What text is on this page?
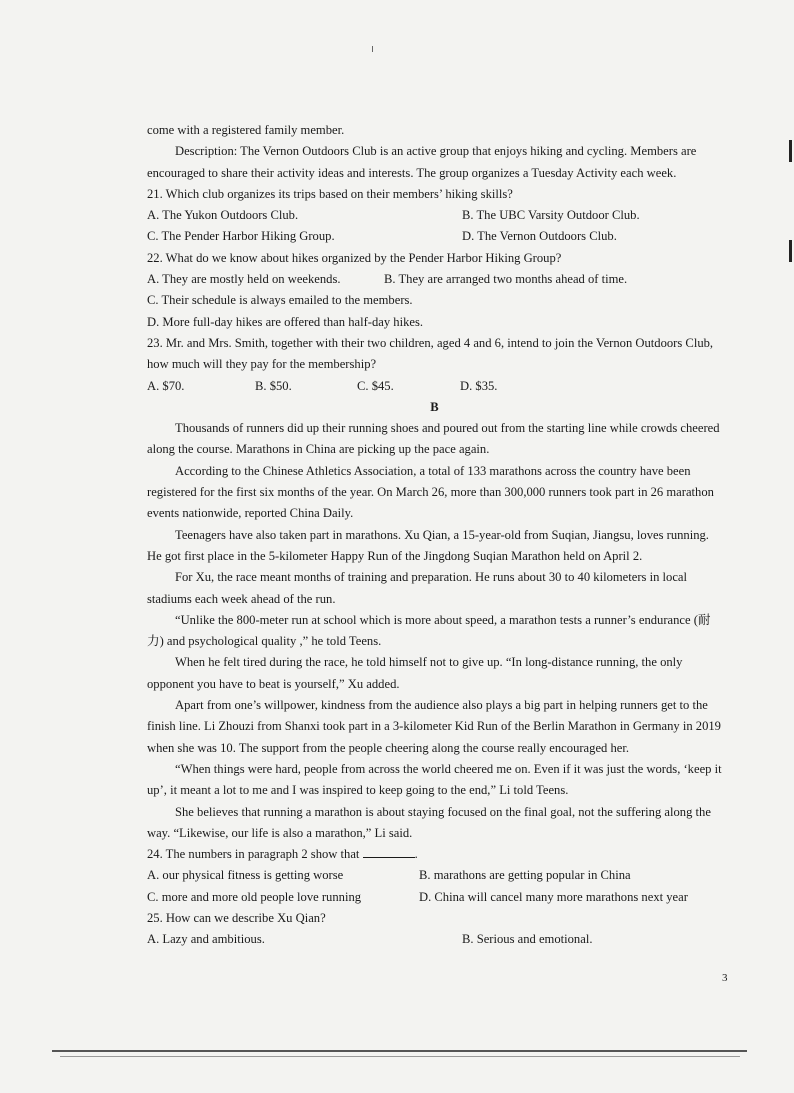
come with a registered family member.

Description: The Vernon Outdoors Club is an active group that enjoys hiking and cycling. Members are encouraged to share their activity ideas and interests. The group organizes a Tuesday Activity each week.

21. Which club organizes its trips based on their members’ hiking skills?

A. The Yukon Outdoors Club.	B. The UBC Varsity Outdoor Club.
C. The Pender Harbor Hiking Group.	D. The Vernon Outdoors Club.

22. What do we know about hikes organized by the Pender Harbor Hiking Group?

A. They are mostly held on weekends.	B. They are arranged two months ahead of time.

C. Their schedule is always emailed to the members.

D. More full-day hikes are offered than half-day hikes.

23. Mr. and Mrs. Smith, together with their two children, aged 4 and 6, intend to join the Vernon Outdoors Club, how much will they pay for the membership?

A. $70.	B. $50.	C. $45.	D. $35.

B

Thousands of runners did up their running shoes and poured out from the starting line while crowds cheered along the course. Marathons in China are picking up the pace again.

According to the Chinese Athletics Association, a total of 133 marathons across the country have been registered for the first six months of the year. On March 26, more than 300,000 runners took part in 26 marathon events nationwide, reported China Daily.

Teenagers have also taken part in marathons. Xu Qian, a 15-year-old from Suqian, Jiangsu, loves running. He got first place in the 5-kilometer Happy Run of the Jingdong Suqian Marathon held on April 2.

For Xu, the race meant months of training and preparation. He runs about 30 to 40 kilometers in local stadiums each week ahead of the run.

“Unlike the 800-meter run at school which is more about speed, a marathon tests a runner’s endurance (耐力) and psychological quality ,” he told Teens.

When he felt tired during the race, he told himself not to give up. “In long-distance running, the only opponent you have to beat is yourself,” Xu added.

Apart from one’s willpower, kindness from the audience also plays a big part in helping runners get to the finish line. Li Zhouzi from Shanxi took part in a 3-kilometer Kid Run of the Berlin Marathon in Germany in 2019 when she was 10. The support from the people cheering along the course really encouraged her.

“When things were hard, people from across the world cheered me on. Even if it was just the words, ‘keep it up’, it meant a lot to me and I was inspired to keep going to the end,” Li told Teens.

She believes that running a marathon is about staying focused on the final goal, not the suffering along the way. “Likewise, our life is also a marathon,” Li said.

24. The numbers in paragraph 2 show that	.

A. our physical fitness is getting worse	B. marathons are getting popular in China
C. more and more old people love running	D. China will cancel many more marathons next year

25. How can we describe Xu Qian?

A. Lazy and ambitious.	B. Serious and emotional.
3
